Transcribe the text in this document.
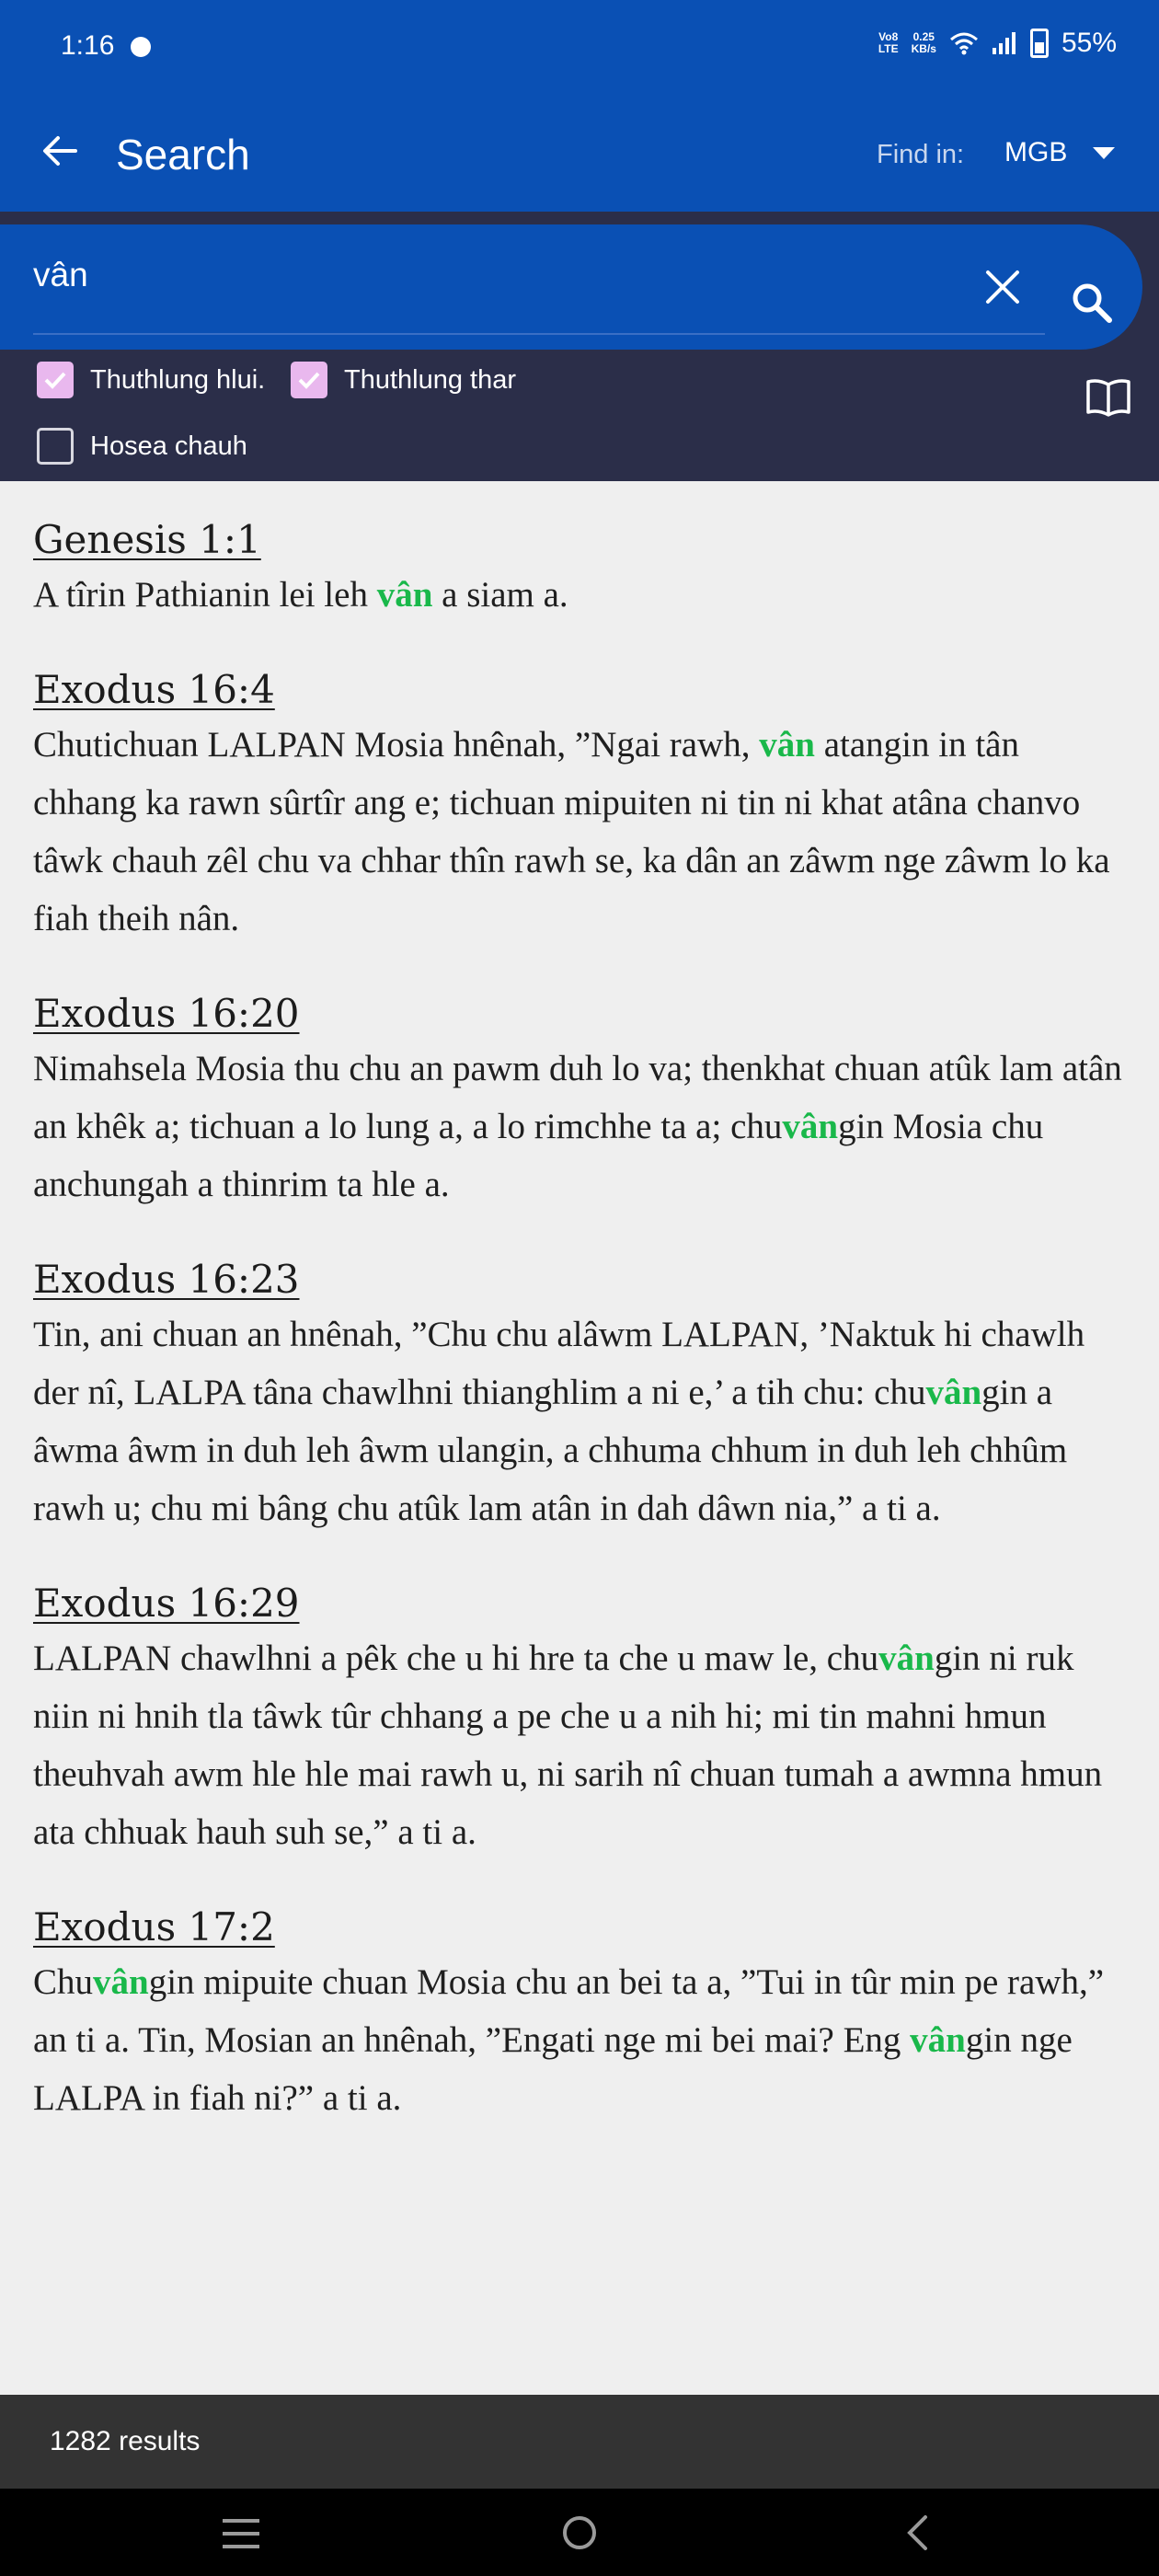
1:16	Vo8
LTE
0.25
KB/s	55%
Search	Find in: MGB
vân
Thuthlung hlui.	Thuthlung thar
Hosea chauh
Genesis 1:1
A tîrin Pathianin lei leh vân a siam a.
Exodus 16:4
Chutichuan LALPAN Mosia hnênah, ”Ngai rawh, vân atangin in tân chhang ka rawn sûrtîr ang e; tichuan mipuiten ni tin ni khat atâna chanvo tâwk chauh zêl chu va chhar thîn rawh se, ka dân an zâwm nge zâwm lo ka fiah theih nân.
Exodus 16:20
Nimahsela Mosia thu chu an pawm duh lo va; thenkhat chuan atûk lam atân an khêk a; tichuan a lo lung a, a lo rimchhe ta a; chuvângin Mosia chu anchungah a thinrim ta hle a.
Exodus 16:23
Tin, ani chuan an hnênah, ”Chu chu alâwm LALPAN, ’Naktuk hi chawlh der nî, LALPA tâna chawlhni thianghlim a ni e,’ a tih chu: chuvângin a âwma âwm in duh leh âwm ulangin, a chhuma chhum in duh leh chhûm rawh u; chu mi bâng chu atûk lam atân in dah dâwn nia,” a ti a.
Exodus 16:29
LALPAN chawlhni a pêk che u hi hre ta che u maw le, chuvângin ni ruk niin ni hnih tla tâwk tûr chhang a pe che u a nih hi; mi tin mahni hmun theuhvah awm hle hle mai rawh u, ni sarih nî chuan tumah a awmna hmun ata chhuak hauh suh se,” a ti a.
Exodus 17:2
Chuvângin mipuite chuan Mosia chu an bei ta a, ”Tui in tûr min pe rawh,” an ti a. Tin, Mosian an hnênah, ”Engati nge mi bei mai? Eng vângin nge LALPA in fiah ni?” a ti a.
1282 results
